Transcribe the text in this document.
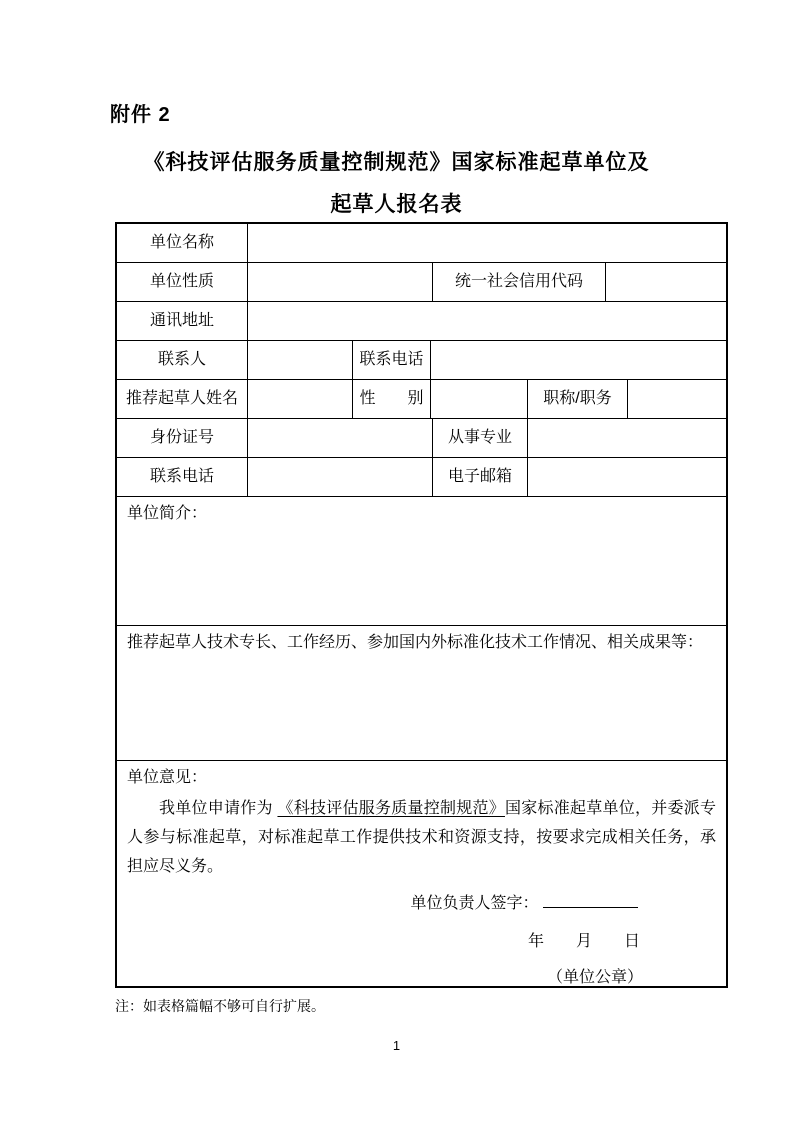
附件 2
《科技评估服务质量控制规范》国家标准起草单位及
起草人报名表
单位名称
单位性质	统一社会信用代码
通讯地址
联系人	联系电话
推荐起草人姓名	性　　别	职称/职务
身份证号	从事专业
联系电话	电子邮箱
单位简介：
推荐起草人技术专长、工作经历、参加国内外标准化技术工作情况、相关成果等：
单位意见：

我单位申请作为 《科技评估服务质量控制规范》国家标准起草单位，并委派专人参与标准起草，对标准起草工作提供技术和资源支持，按要求完成相关任务，承担应尽义务。

单位负责人签字：
年　　月　　日
（单位公章）
注：如表格篇幅不够可自行扩展。
1
